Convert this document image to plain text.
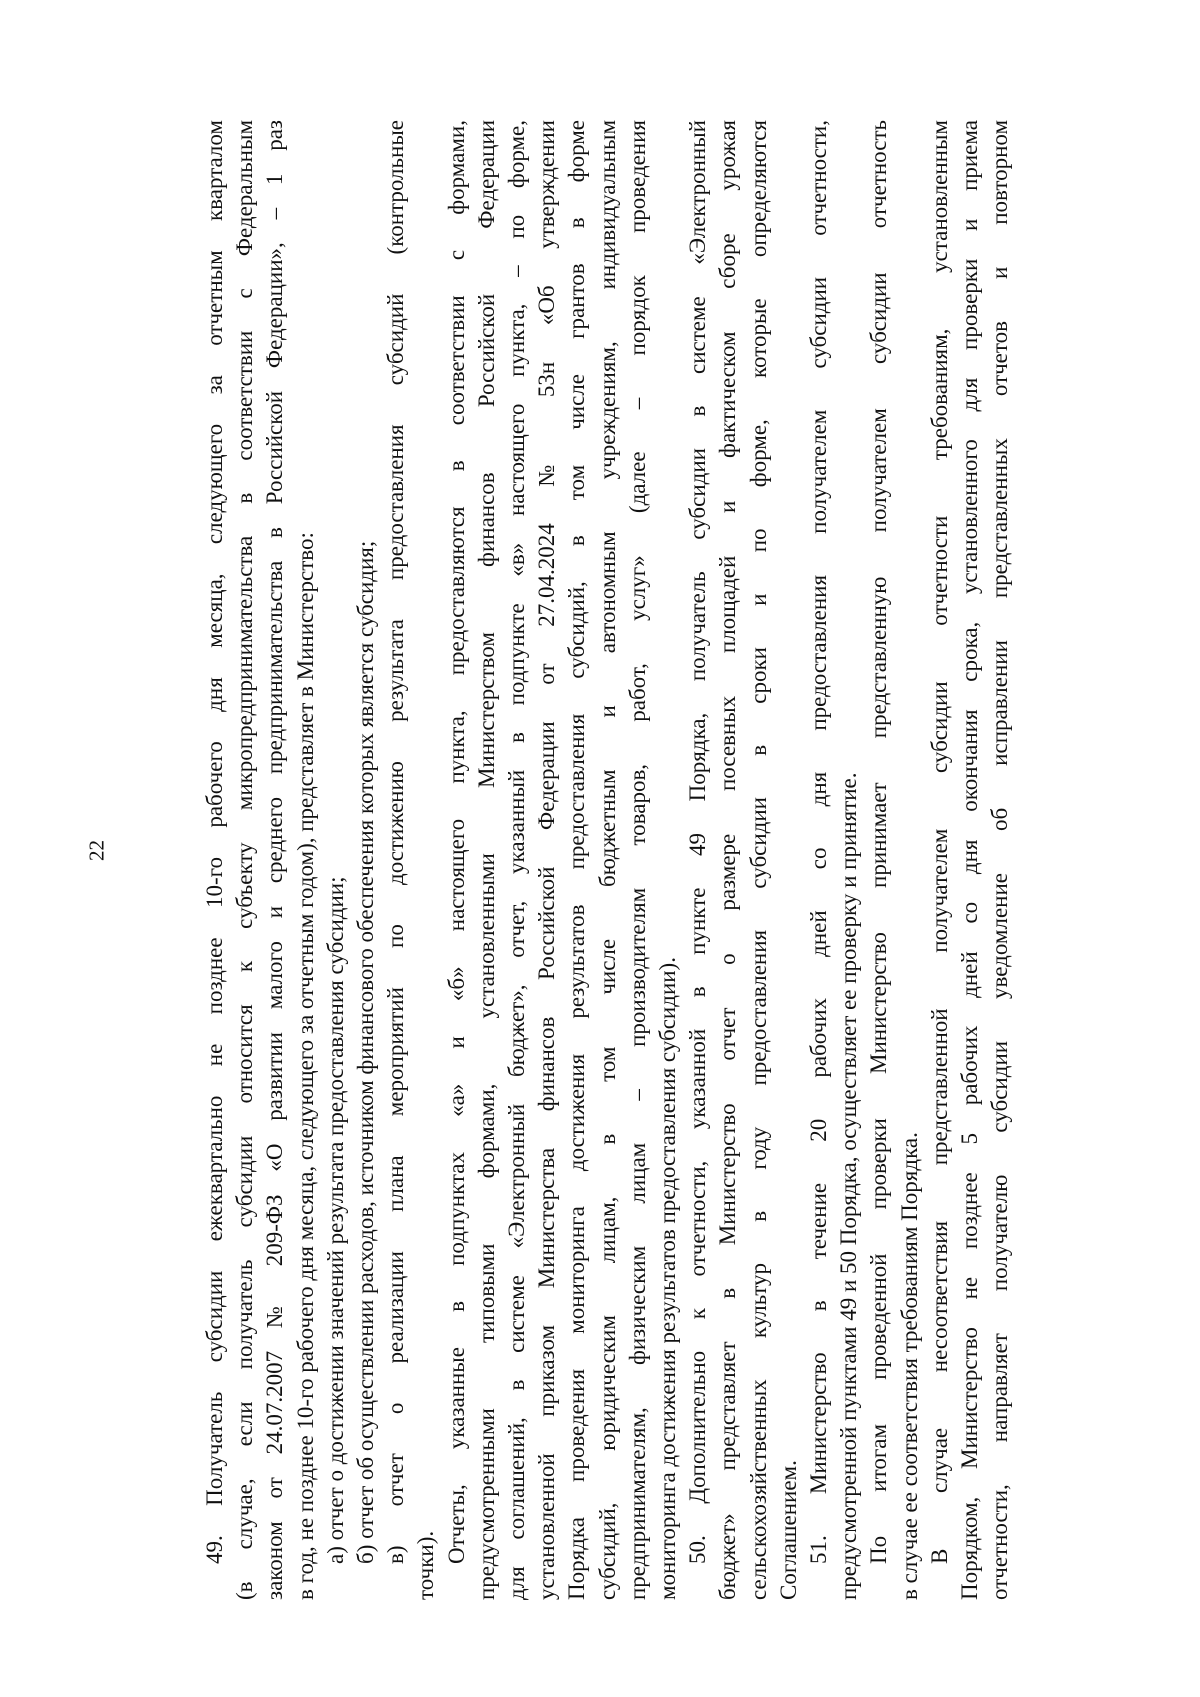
22	49. Получатель субсидии ежеквартально не позднее 10-го рабочего дня месяца, следующего за отчетным кварталом (в случае, если получатель субсидии относится к субъекту микропредпринимательства в соответствии с Федеральным законом от 24.07.2007 № 209-ФЗ «О развитии малого и среднего предпринимательства в Российской Федерации», – 1 раз в год, не позднее 10-го рабочего дня месяца, следующего за отчетным годом), представляет в Министерство: а) отчет о достижении значений результата предоставления субсидии; б) отчет об осуществлении расходов, источником финансового обеспечения которых является субсидия; в) отчет о реализации плана мероприятий по достижению результата предоставления субсидий (контрольные
точки).
Отчеты, указанные в подпунктах «а» и «б» настоящего пункта, предоставляются в соответствии с формами, предусмотренными типовыми формами, установленными Министерством финансов Российской Федерации для соглашений, в системе «Электронный бюджет», отчет, указанный в подпункте «в» настоящего пункта, – по форме, установленной приказом Министерства финансов Российской Федерации от 27.04.2024 № 53н «Об утверждении Порядка проведения мониторинга достижения результатов предоставления субсидий, в том числе грантов в форме субсидий, юридическим лицам, в том числе бюджетным и автономным учреждениям, индивидуальным предпринимателям, физическим лицам – производителям товаров, работ, услуг» (далее – порядок проведения мониторинга достижения результатов предоставления субсидии). 50. Дополнительно к отчетности, указанной в пункте 49 Порядка, получатель субсидии в системе «Электронный бюджет» представляет в Министерство отчет о размере посевных площадей и фактическом сборе урожая сельскохозяйственных культур в году предоставления субсидии в сроки и по форме, которые определяются Соглашением. 51. Министерство в течение 20 рабочих дней со дня предоставления получателем субсидии отчетности, предусмотренной пунктами 49 и 50 Порядка, осуществляет ее проверку и принятие. По итогам проведенной проверки Министерство принимает представленную получателем субсидии отчетность в случае ее соответствия требованиям Порядка. В случае несоответствия представленной получателем субсидии отчетности требованиям, установленным Порядком, Министерство не позднее 5 рабочих дней со дня окончания срока, установленного для проверки и приема отчетности, направляет получателю субсидии уведомление об исправлении представленных отчетов и повторном
